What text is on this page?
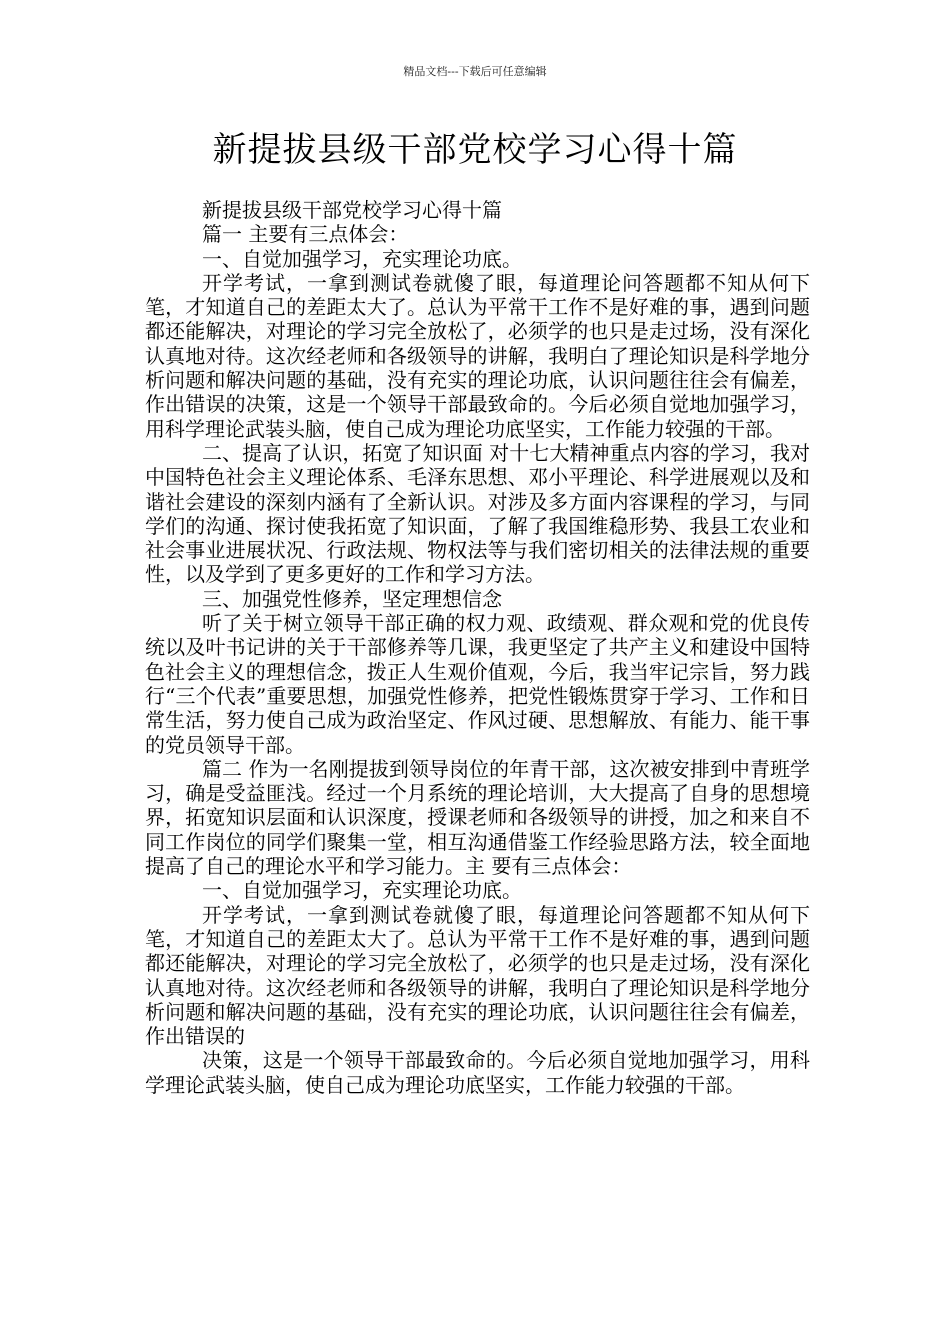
精品文档---下载后可任意编辑
新提拔县级干部党校学习心得十篇

新提拔县级干部党校学习心得十篇

篇一 主要有三点体会：

一、自觉加强学习，充实理论功底。

开学考试，一拿到测试卷就傻了眼，每道理论问答题都不知从何下笔，才知道自己的差距太大了。总认为平常干工作不是好难的事，遇到问题都还能解决，对理论的学习完全放松了，必须学的也只是走过场，没有深化认真地对待。这次经老师和各级领导的讲解，我明白了理论知识是科学地分析问题和解决问题的基础，没有充实的理论功底，认识问题往往会有偏差，作出错误的决策，这是一个领导干部最致命的。今后必须自觉地加强学习，用科学理论武装头脑，使自己成为理论功底坚实，工作能力较强的干部。

二、提高了认识，拓宽了知识面 对十七大精神重点内容的学习，我对中国特色社会主义理论体系、毛泽东思想、邓小平理论、科学进展观以及和谐社会建设的深刻内涵有了全新认识。对涉及多方面内容课程的学习，与同学们的沟通、探讨使我拓宽了知识面，了解了我国维稳形势、我县工农业和社会事业进展状况、行政法规、物权法等与我们密切相关的法律法规的重要性，以及学到了更多更好的工作和学习方法。

三、加强党性修养，坚定理想信念

听了关于树立领导干部正确的权力观、政绩观、群众观和党的优良传统以及叶书记讲的关于干部修养等几课，我更坚定了共产主义和建设中国特色社会主义的理想信念，拨正人生观价值观，今后，我当牢记宗旨，努力践行“三个代表”重要思想，加强党性修养，把党性锻炼贯穿于学习、工作和日常生活，努力使自己成为政治坚定、作风过硬、思想解放、有能力、能干事的党员领导干部。

篇二 作为一名刚提拔到领导岗位的年青干部，这次被安排到中青班学习，确是受益匪浅。经过一个月系统的理论培训，大大提高了自身的思想境界，拓宽知识层面和认识深度，授课老师和各级领导的讲授，加之和来自不同工作岗位的同学们聚集一堂，相互沟通借鉴工作经验思路方法，较全面地提高了自己的理论水平和学习能力。主 要有三点体会：

一、自觉加强学习，充实理论功底。

开学考试，一拿到测试卷就傻了眼，每道理论问答题都不知从何下笔，才知道自己的差距太大了。总认为平常干工作不是好难的事，遇到问题都还能解决，对理论的学习完全放松了，必须学的也只是走过场，没有深化认真地对待。这次经老师和各级领导的讲解，我明白了理论知识是科学地分析问题和解决问题的基础，没有充实的理论功底，认识问题往往会有偏差，作出错误的

决策，这是一个领导干部最致命的。今后必须自觉地加强学习，用科学理论武装头脑，使自己成为理论功底坚实，工作能力较强的干部。
